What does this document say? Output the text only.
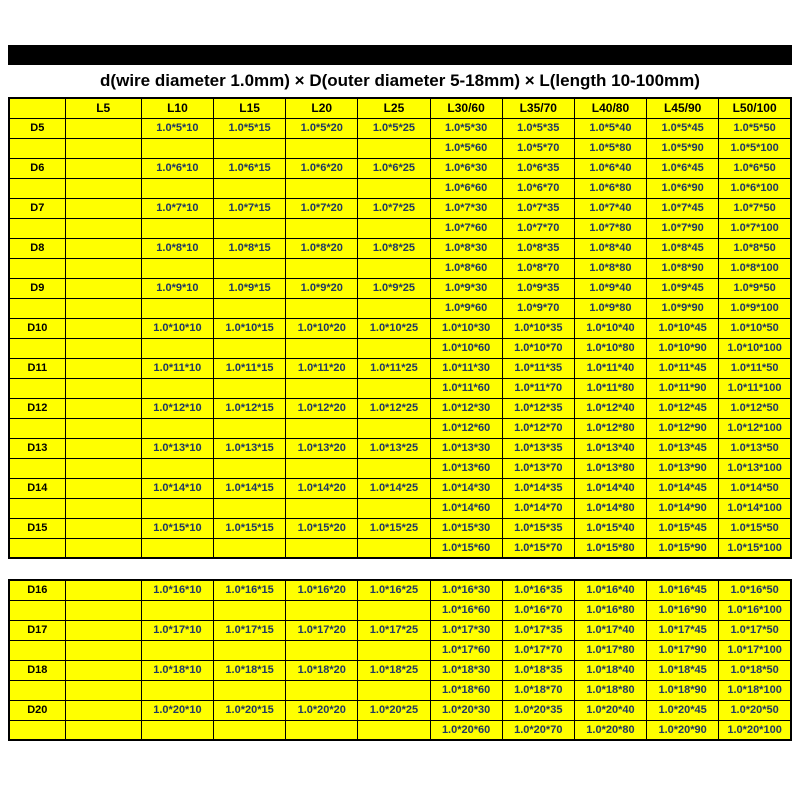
d(wire diameter 1.0mm) × D(outer diameter 5-18mm) × L(length 10-100mm)
	L5	L10	L15	L20	L25	L30/60	L35/70	L40/80	L45/90	L50/100
D5		1.0*5*10	1.0*5*15	1.0*5*20	1.0*5*25	1.0*5*30	1.0*5*35	1.0*5*40	1.0*5*45	1.0*5*50
						1.0*5*60	1.0*5*70	1.0*5*80	1.0*5*90	1.0*5*100
D6		1.0*6*10	1.0*6*15	1.0*6*20	1.0*6*25	1.0*6*30	1.0*6*35	1.0*6*40	1.0*6*45	1.0*6*50
						1.0*6*60	1.0*6*70	1.0*6*80	1.0*6*90	1.0*6*100
D7		1.0*7*10	1.0*7*15	1.0*7*20	1.0*7*25	1.0*7*30	1.0*7*35	1.0*7*40	1.0*7*45	1.0*7*50
						1.0*7*60	1.0*7*70	1.0*7*80	1.0*7*90	1.0*7*100
D8		1.0*8*10	1.0*8*15	1.0*8*20	1.0*8*25	1.0*8*30	1.0*8*35	1.0*8*40	1.0*8*45	1.0*8*50
						1.0*8*60	1.0*8*70	1.0*8*80	1.0*8*90	1.0*8*100
D9		1.0*9*10	1.0*9*15	1.0*9*20	1.0*9*25	1.0*9*30	1.0*9*35	1.0*9*40	1.0*9*45	1.0*9*50
						1.0*9*60	1.0*9*70	1.0*9*80	1.0*9*90	1.0*9*100
D10		1.0*10*10	1.0*10*15	1.0*10*20	1.0*10*25	1.0*10*30	1.0*10*35	1.0*10*40	1.0*10*45	1.0*10*50
						1.0*10*60	1.0*10*70	1.0*10*80	1.0*10*90	1.0*10*100
D11		1.0*11*10	1.0*11*15	1.0*11*20	1.0*11*25	1.0*11*30	1.0*11*35	1.0*11*40	1.0*11*45	1.0*11*50
						1.0*11*60	1.0*11*70	1.0*11*80	1.0*11*90	1.0*11*100
D12		1.0*12*10	1.0*12*15	1.0*12*20	1.0*12*25	1.0*12*30	1.0*12*35	1.0*12*40	1.0*12*45	1.0*12*50
						1.0*12*60	1.0*12*70	1.0*12*80	1.0*12*90	1.0*12*100
D13		1.0*13*10	1.0*13*15	1.0*13*20	1.0*13*25	1.0*13*30	1.0*13*35	1.0*13*40	1.0*13*45	1.0*13*50
						1.0*13*60	1.0*13*70	1.0*13*80	1.0*13*90	1.0*13*100
D14		1.0*14*10	1.0*14*15	1.0*14*20	1.0*14*25	1.0*14*30	1.0*14*35	1.0*14*40	1.0*14*45	1.0*14*50
						1.0*14*60	1.0*14*70	1.0*14*80	1.0*14*90	1.0*14*100
D15		1.0*15*10	1.0*15*15	1.0*15*20	1.0*15*25	1.0*15*30	1.0*15*35	1.0*15*40	1.0*15*45	1.0*15*50
						1.0*15*60	1.0*15*70	1.0*15*80	1.0*15*90	1.0*15*100
D16		1.0*16*10	1.0*16*15	1.0*16*20	1.0*16*25	1.0*16*30	1.0*16*35	1.0*16*40	1.0*16*45	1.0*16*50
						1.0*16*60	1.0*16*70	1.0*16*80	1.0*16*90	1.0*16*100
D17		1.0*17*10	1.0*17*15	1.0*17*20	1.0*17*25	1.0*17*30	1.0*17*35	1.0*17*40	1.0*17*45	1.0*17*50
						1.0*17*60	1.0*17*70	1.0*17*80	1.0*17*90	1.0*17*100
D18		1.0*18*10	1.0*18*15	1.0*18*20	1.0*18*25	1.0*18*30	1.0*18*35	1.0*18*40	1.0*18*45	1.0*18*50
						1.0*18*60	1.0*18*70	1.0*18*80	1.0*18*90	1.0*18*100
D20		1.0*20*10	1.0*20*15	1.0*20*20	1.0*20*25	1.0*20*30	1.0*20*35	1.0*20*40	1.0*20*45	1.0*20*50
						1.0*20*60	1.0*20*70	1.0*20*80	1.0*20*90	1.0*20*100
